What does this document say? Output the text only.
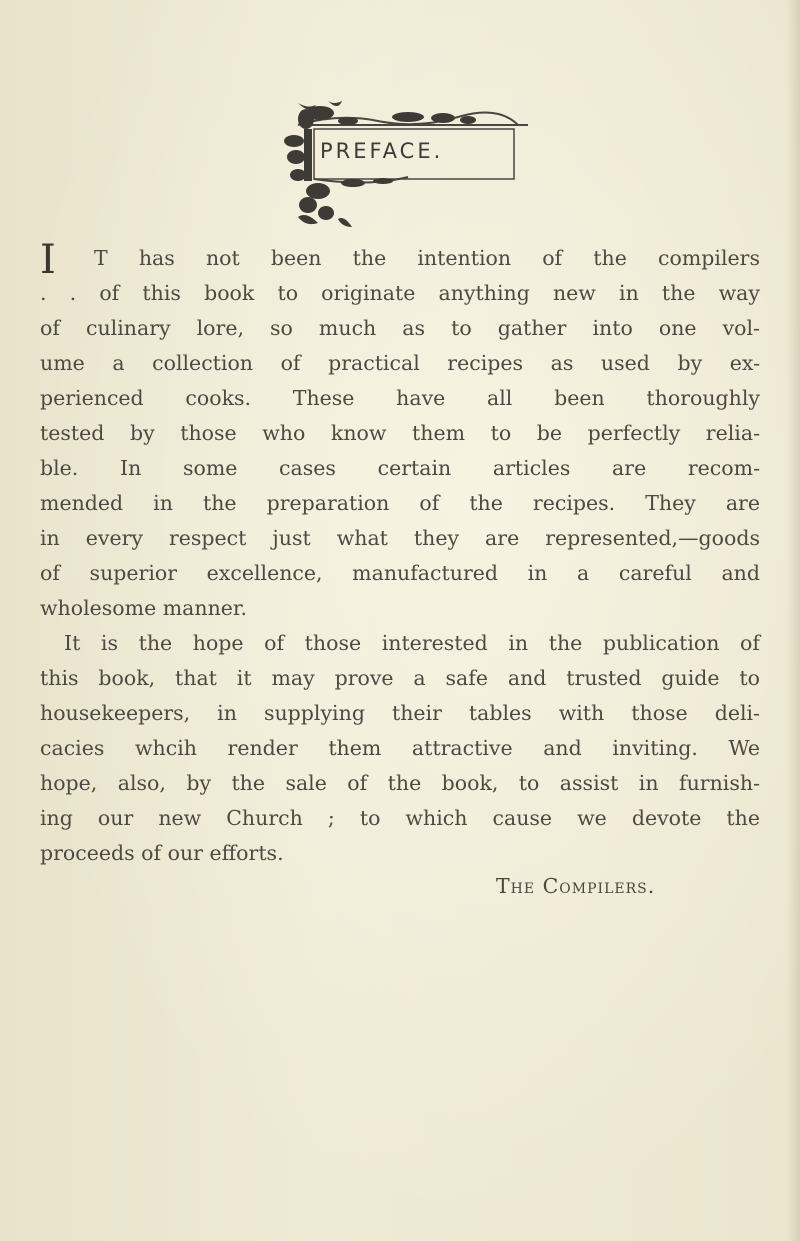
PREFACE.
I T has not been the intention of the compilers
. . of this book to originate anything new in the way
of culinary lore, so much as to gather into one vol-
ume a collection of practical recipes as used by ex-
perienced cooks. These have all been thoroughly
tested by those who know them to be perfectly relia-
ble. In some cases certain articles are recom-
mended in the preparation of the recipes. They are
in every respect just what they are represented,—goods
of superior excellence, manufactured in a careful and
wholesome manner.
It is the hope of those interested in the publication of
this book, that it may prove a safe and trusted guide to
housekeepers, in supplying their tables with those deli-
cacies whcih render them attractive and inviting. We
hope, also, by the sale of the book, to assist in furnish-
ing our new Church ; to which cause we devote the
proceeds of our efforts.
The Compilers.
